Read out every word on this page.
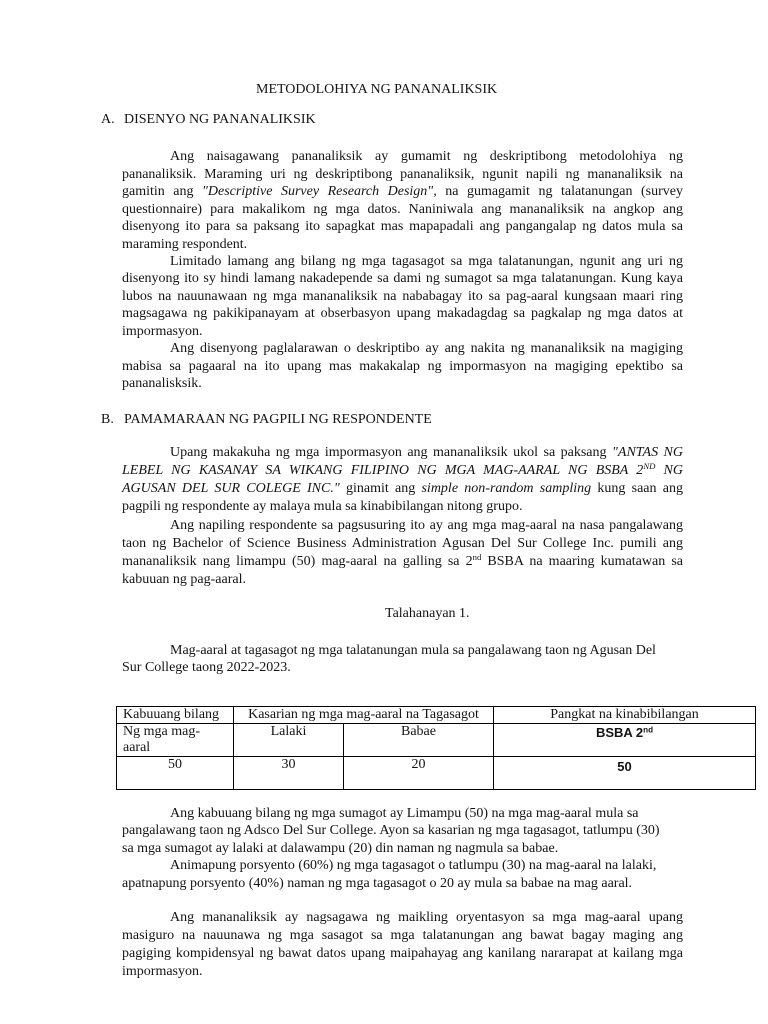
METODOLOHIYA NG PANANALIKSIK
A. DISENYO NG PANANALIKSIK
Ang naisagawang pananaliksik ay gumamit ng deskriptibong metodolohiya ng
pananaliksik. Maraming uri ng deskriptibong pananaliksik, ngunit napili ng mananaliksik na
gamitin ang "Descriptive Survey Research Design", na gumagamit ng talatanungan (survey
questionnaire) para makalikom ng mga datos. Naniniwala ang mananaliksik na angkop ang
disenyong ito para sa paksang ito sapagkat mas mapapadali ang pangangalap ng datos mula sa
maraming respondent.
Limitado lamang ang bilang ng mga tagasagot sa mga talatanungan, ngunit ang uri ng
disenyong ito sy hindi lamang nakadepende sa dami ng sumagot sa mga talatanungan. Kung kaya
lubos na nauunawaan ng mga mananaliksik na nababagay ito sa pag-aaral kungsaan maari ring
magsagawa ng pakikipanayam at obserbasyon upang makadagdag sa pagkalap ng mga datos at
impormasyon.
Ang disenyong paglalarawan o deskriptibo ay ang nakita ng mananaliksik na magiging
mabisa sa pagaaral na ito upang mas makakalap ng impormasyon na magiging epektibo sa
pananalisksik.
B. PAMAMARAAN NG PAGPILI NG RESPONDENTE
Upang makakuha ng mga impormasyon ang mananaliksik ukol sa paksang "ANTAS NG
LEBEL NG KASANAY SA WIKANG FILIPINO NG MGA MAG-AARAL NG BSBA 2ND NG
AGUSAN DEL SUR COLEGE INC." ginamit ang simple non-random sampling kung saan ang
pagpili ng respondente ay malaya mula sa kinabibilangan nitong grupo.
Ang napiling respondente sa pagsusuring ito ay ang mga mag-aaral na nasa pangalawang
taon ng Bachelor of Science Business Administration Agusan Del Sur College Inc. pumili ang
mananaliksik nang limampu (50) mag-aaral na galling sa 2nd BSBA na maaring kumatawan sa
kabuuan ng pag-aaral.
Talahanayan 1.
Mag-aaral at tagasagot ng mga talatanungan mula sa pangalawang taon ng Agusan Del
Sur College taong 2022-2023.
Kabuuang bilang	Kasarian ng mga mag-aaral na Tagasagot		Pangkat na kinabibilangan
Ng mga mag-aaral	Lalaki	Babae	BSBA 2nd
50	30	20	50
Ang kabuuang bilang ng mga sumagot ay Limampu (50) na mga mag-aaral mula sa
pangalawang taon ng Adsco Del Sur College. Ayon sa kasarian ng mga tagasagot, tatlumpu (30)
sa mga sumagot ay lalaki at dalawampu (20) din naman ng nagmula sa babae.
Animapung porsyento (60%) ng mga tagasagot o tatlumpu (30) na mag-aaral na lalaki,
apatnapung porsyento (40%) naman ng mga tagasagot o 20 ay mula sa babae na mag aaral.
Ang mananaliksik ay nagsagawa ng maikling oryentasyon sa mga mag-aaral upang
masiguro na nauunawa ng mga sasagot sa mga talatanungan ang bawat bagay maging ang
pagiging kompidensyal ng bawat datos upang maipahayag ang kanilang nararapat at kailang mga
impormasyon.
